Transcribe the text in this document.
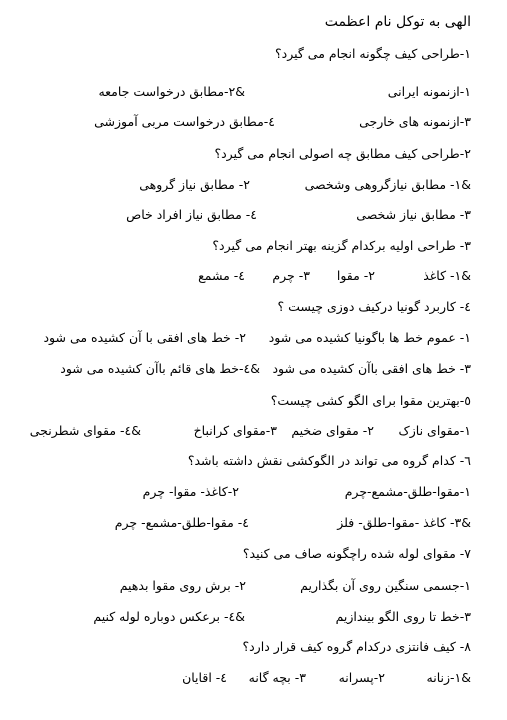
الهی به توکل نام اعظمت
۱-طراحی کیف چگونه انجام می گیرد؟
۱-ازنمونه ایرانی
&۲-مطابق درخواست جامعه
۳-ازنمونه های خارجی
٤-مطابق درخواست مربی آموزشی
۲-طراحی کیف مطابق چه اصولی انجام می گیرد؟
&۱- مطابق نیازگروهی وشخصی
۲- مطابق نیاز گروهی
۳- مطابق نیاز شخصی
٤- مطابق نیاز افراد خاص
۳- طراحی اولیه برکدام گزینه بهتر انجام می گیرد؟
&۱- کاغذ
۲- مقوا
۳- چرم
٤- مشمع
٤- کاربرد گونیا درکیف دوزی چیست ؟
۱- عموم خط ها باگونیا کشیده می شود
۲- خط های افقی با آن کشیده می شود
۳- خط های افقی باآن کشیده می شود
&٤-خط های قائم باآن کشیده می شود
٥-بهترین مقوا برای الگو کشی چیست؟
۱-مقوای نازک
۲- مقوای ضخیم
۳-مقوای کرانباخ
&٤- مقوای شطرنجی
٦- کدام گروه می تواند در الگوکشی نقش داشته باشد؟
۱-مقوا-طلق-مشمع-چرم
۲-کاغذ- مقوا- چرم
&۳- کاغذ -مقوا-طلق- فلز
٤- مقوا-طلق-مشمع- چرم
۷- مقوای لوله شده راچگونه صاف می کنید؟
۱-جسمی سنگین روی آن بگذاریم
۲- برش روی مقوا بدهیم
۳-خط تا روی الگو بیندازیم
&٤- برعکس دوباره لوله کنیم
۸- کیف فانتزی درکدام گروه کیف قرار دارد؟
&۱-زنانه
۲-پسرانه
۳- بچه گانه
٤- اقایان
